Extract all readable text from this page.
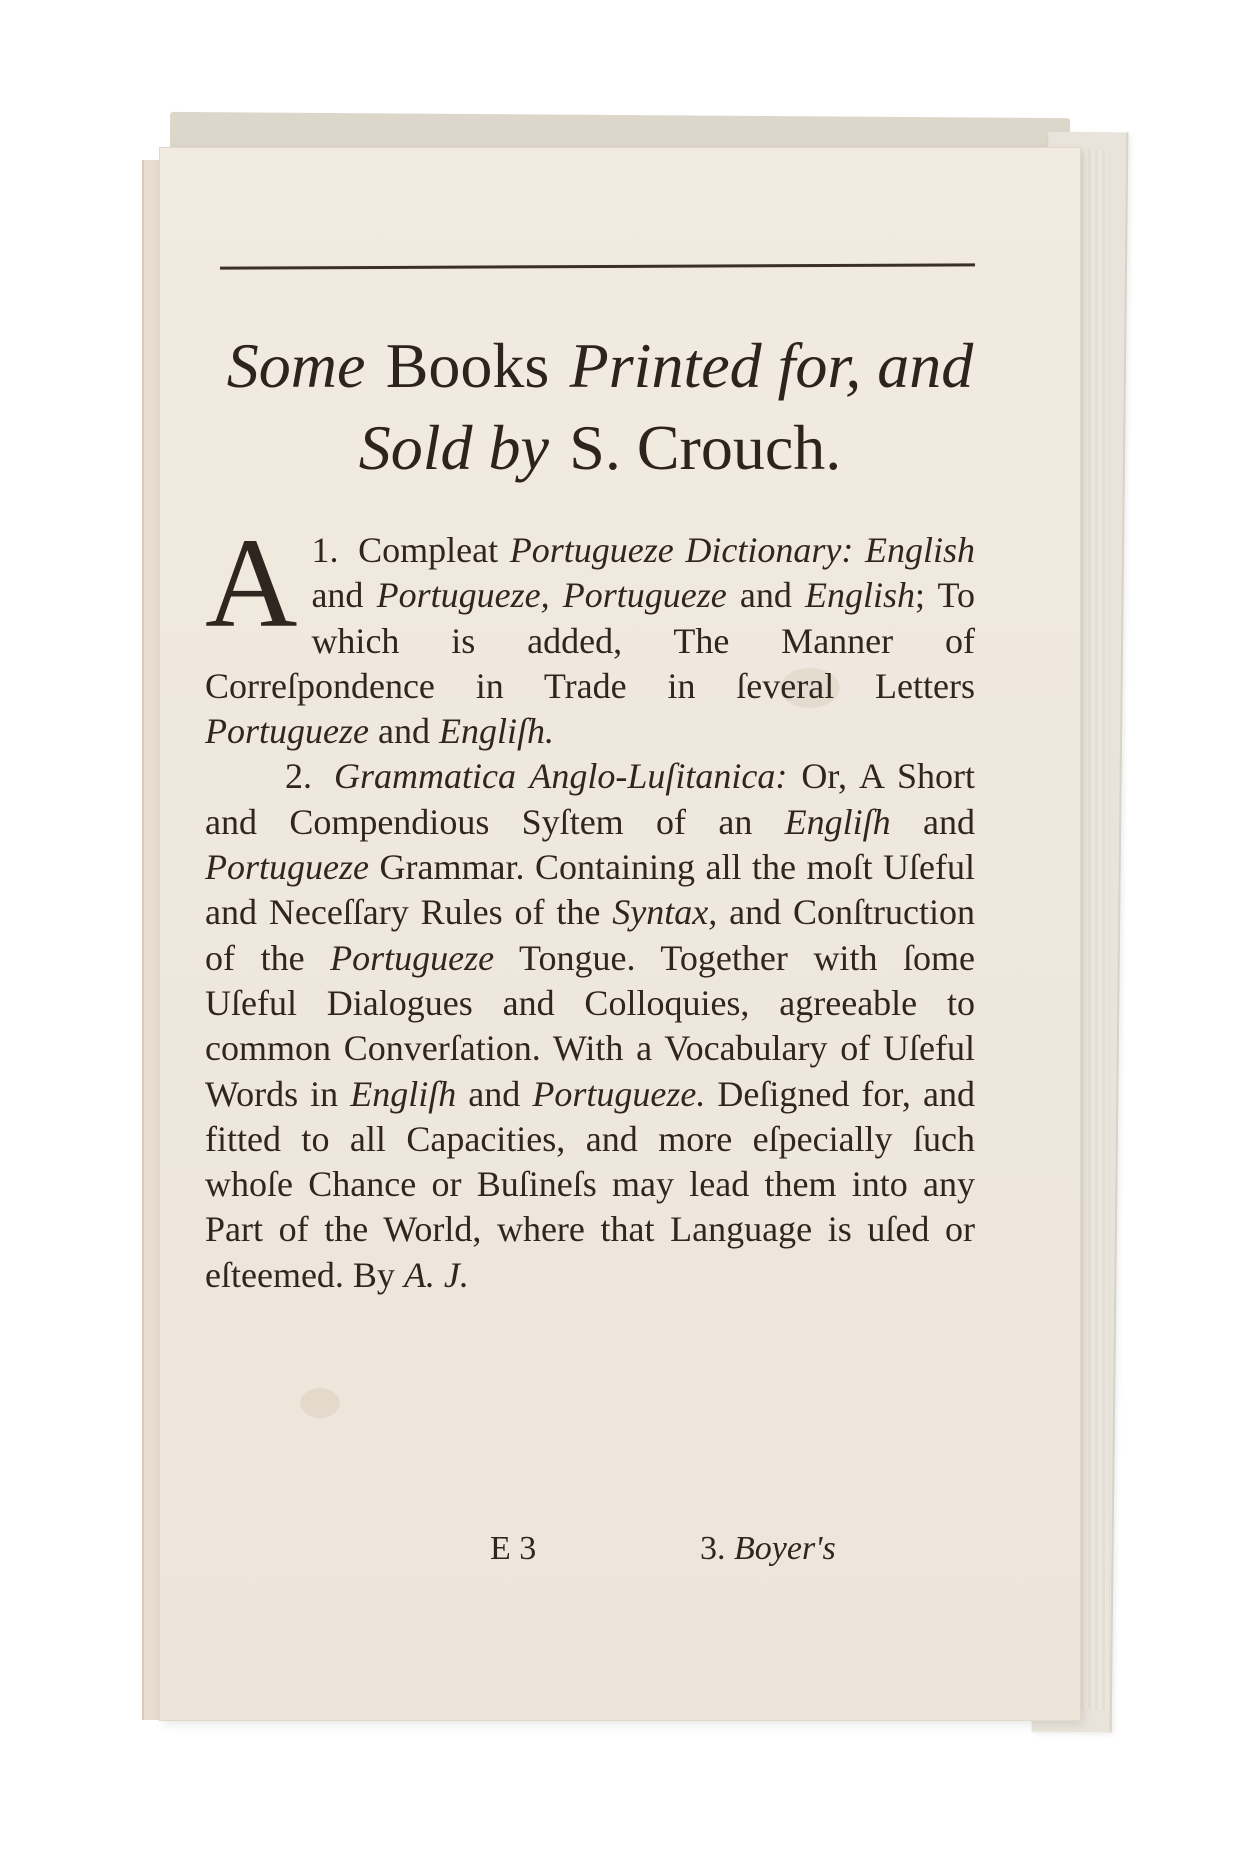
Some Books Printed for, and
Sold by S. Crouch.

1.
A Compleat Portugueze Dictionary: English and Portugueze, Portugueze and English; To which is added, The Manner of Correſpondence in Trade in ſeveral Letters Portugueze and Engliſh.

2. Grammatica Anglo-Luſitanica: Or, A Short and Compendious Syſtem of an Engliſh and Portugueze Grammar. Containing all the moſt Uſeful and Neceſſary Rules of the Syntax, and Conſtruction of the Portugueze Tongue. Together with ſome Uſeful Dialogues and Colloquies, agreeable to common Converſation. With a Vocabulary of Uſeful Words in Engliſh and Portugueze. Deſigned for, and fitted to all Capacities, and more eſpecially ſuch whoſe Chance or Buſineſs may lead them into any Part of the World, where that Language is uſed or eſteemed. By A. J.

E 3	3. Boyer's
